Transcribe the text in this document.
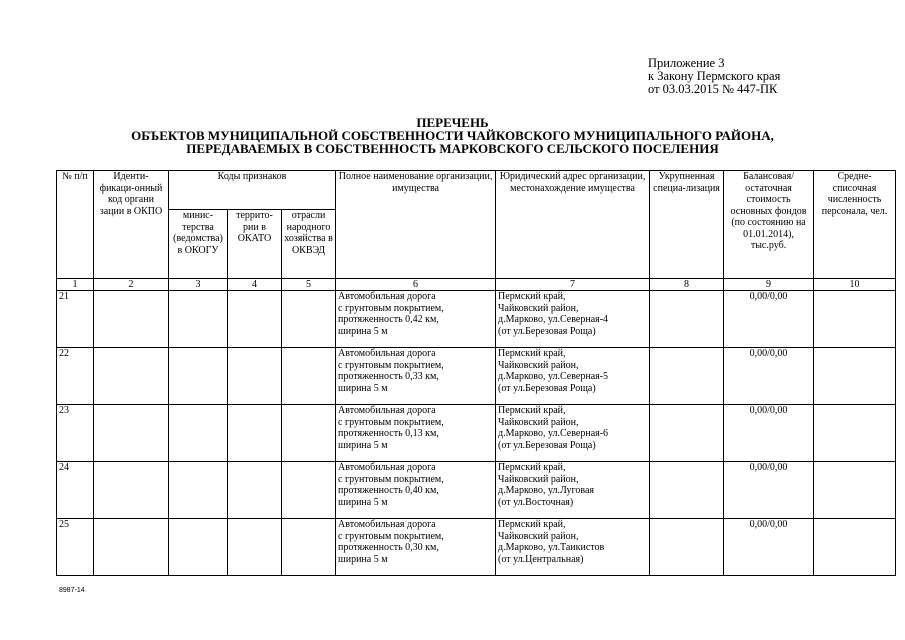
Приложение 3
к Закону Пермского края
от 03.03.2015 № 447-ПК
ПЕРЕЧЕНЬ
ОБЪЕКТОВ МУНИЦИПАЛЬНОЙ СОБСТВЕННОСТИ ЧАЙКОВСКОГО МУНИЦИПАЛЬНОГО РАЙОНА,
ПЕРЕДАВАЕМЫХ В СОБСТВЕННОСТЬ МАРКОВСКОГО СЕЛЬСКОГО ПОСЕЛЕНИЯ
№ п/п	Иденти-фикаци-онный код органи зации в ОКПО	Коды признаков			Полное наименование организации, имущества	Юридический адрес организации, местонахождение имущества	Укрупненная специа-лизация	Балансовая/ остаточная стоимость основных фондов (по состоянию на 01.01.2014), тыс.руб.	Средне-списочная численность персонала, чел.
		минис-терства (ведомства) в ОКОГУ	террито-рии в ОКАТО	отрасли народного хозяйства в ОКВЭД					
1	2	3	4	5	6	7	8	9	10
21					Автомобильная дорога
с грунтовым покрытием,
протяженность 0,42 км,
ширина 5 м	Пермский край,
Чайковский район,
д.Марково, ул.Северная-4
(от ул.Березовая Роща)		0,00/0,00	
22					Автомобильная дорога
с грунтовым покрытием,
протяженность 0,33 км,
ширина 5 м	Пермский край,
Чайковский район,
д.Марково, ул.Северная-5
(от ул.Березовая Роща)		0,00/0,00	
23					Автомобильная дорога
с грунтовым покрытием,
протяженность 0,13 км,
ширина 5 м	Пермский край,
Чайковский район,
д.Марково, ул.Северная-6
(от ул.Березовая Роща)		0,00/0,00	
24					Автомобильная дорога
с грунтовым покрытием,
протяженность 0,40 км,
ширина 5 м	Пермский край,
Чайковский район,
д.Марково, ул.Луговая
(от ул.Восточная)		0,00/0,00	
25					Автомобильная дорога
с грунтовым покрытием,
протяженность 0,30 км,
ширина 5 м	Пермский край,
Чайковский район,
д.Марково, ул.Таикистов
(от ул.Центральная)		0,00/0,00	
8987-14
